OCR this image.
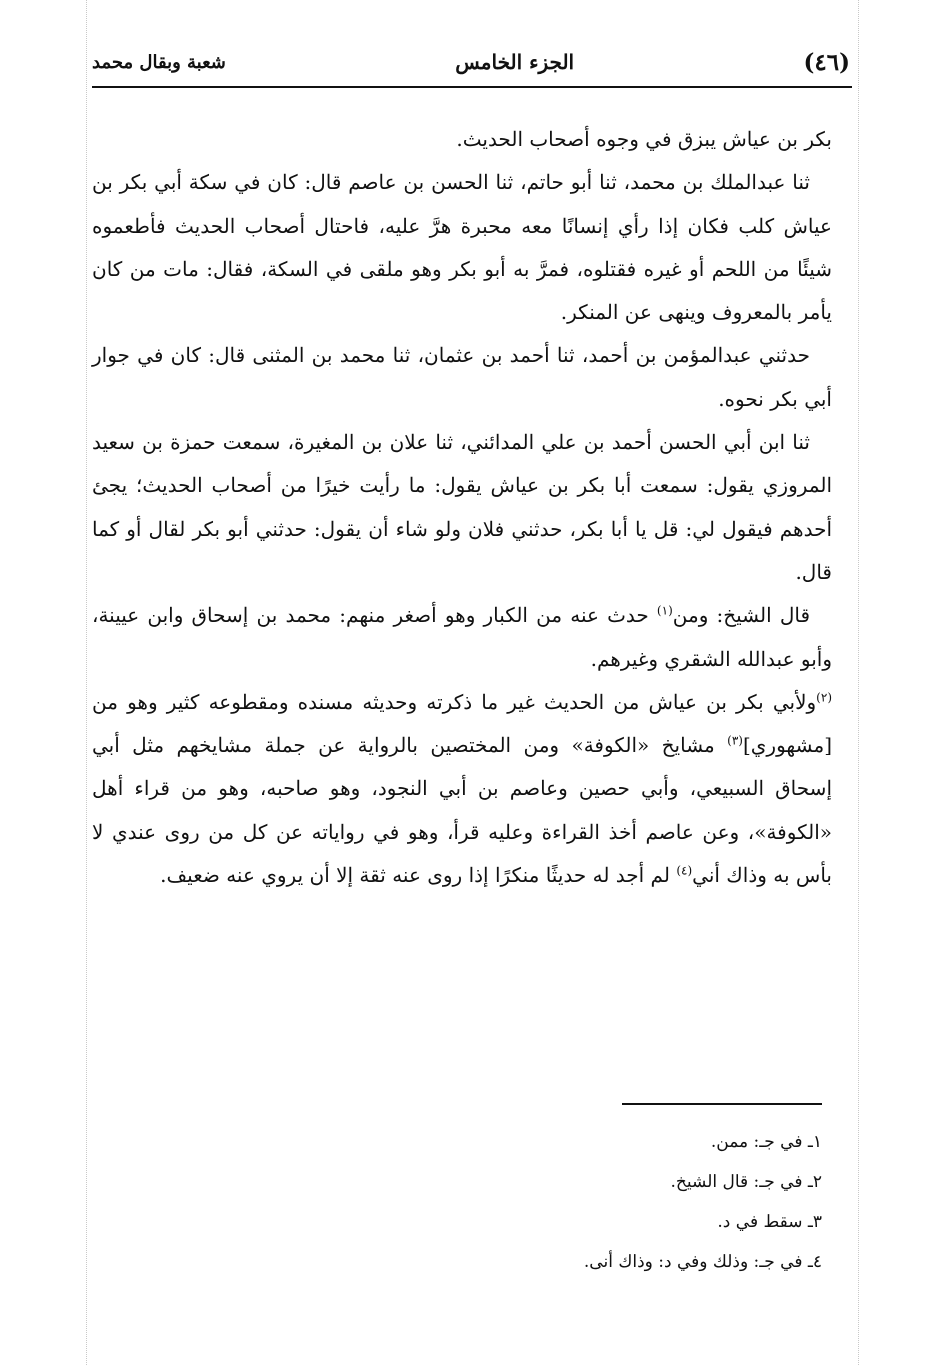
(٤٦)
الجزء الخامس
شعبة وبقال محمد

بكر بن عياش يبزق في وجوه أصحاب الحديث.

ثنا عبدالملك بن محمد، ثنا أبو حاتم، ثنا الحسن بن عاصم قال: كان في سكة أبي بكر بن عياش كلب فكان إذا رأي إنسانًا معه محبرة هرَّ عليه، فاحتال أصحاب الحديث فأطعموه شيئًا من اللحم أو غيره فقتلوه، فمرَّ به أبو بكر وهو ملقى في السكة، فقال: مات من كان يأمر بالمعروف وينهى عن المنكر.

حدثني عبدالمؤمن بن أحمد، ثنا أحمد بن عثمان، ثنا محمد بن المثنى قال: كان في جوار أبي بكر نحوه.

ثنا ابن أبي الحسن أحمد بن علي المدائني، ثنا علان بن المغيرة، سمعت حمزة بن سعيد المروزي يقول: سمعت أبا بكر بن عياش يقول: ما رأيت خيرًا من أصحاب الحديث؛ يجئ أحدهم فيقول لي: قل يا أبا بكر، حدثني فلان ولو شاء أن يقول: حدثني أبو بكر لقال أو كما قال.

قال الشيخ: ومن$^{(١)}$ حدث عنه من الكبار وهو أصغر منهم: محمد بن إسحاق وابن عيينة، وأبو عبدالله الشقري وغيرهم.

$^{(٢)}$ولأبي بكر بن عياش من الحديث غير ما ذكرته وحديثه مسنده ومقطوعه كثير وهو من [مشهوري]$^{(٣)}$ مشايخ «الكوفة» ومن المختصين بالرواية عن جملة مشايخهم مثل أبي إسحاق السبيعي، وأبي حصين وعاصم بن أبي النجود، وهو صاحبه، وهو من قراء أهل «الكوفة»، وعن عاصم أخذ القراءة وعليه قرأ، وهو في رواياته عن كل من روى عندي لا بأس به وذاك أني$^{(٤)}$ لم أجد له حديثًا منكرًا إذا روى عنه ثقة إلا أن يروي عنه ضعيف.

١ـ في جـ: ممن.
٢ـ في جـ: قال الشيخ.
٣ـ سقط في د.
٤ـ في جـ: وذلك وفي د: وذاك أنى.
